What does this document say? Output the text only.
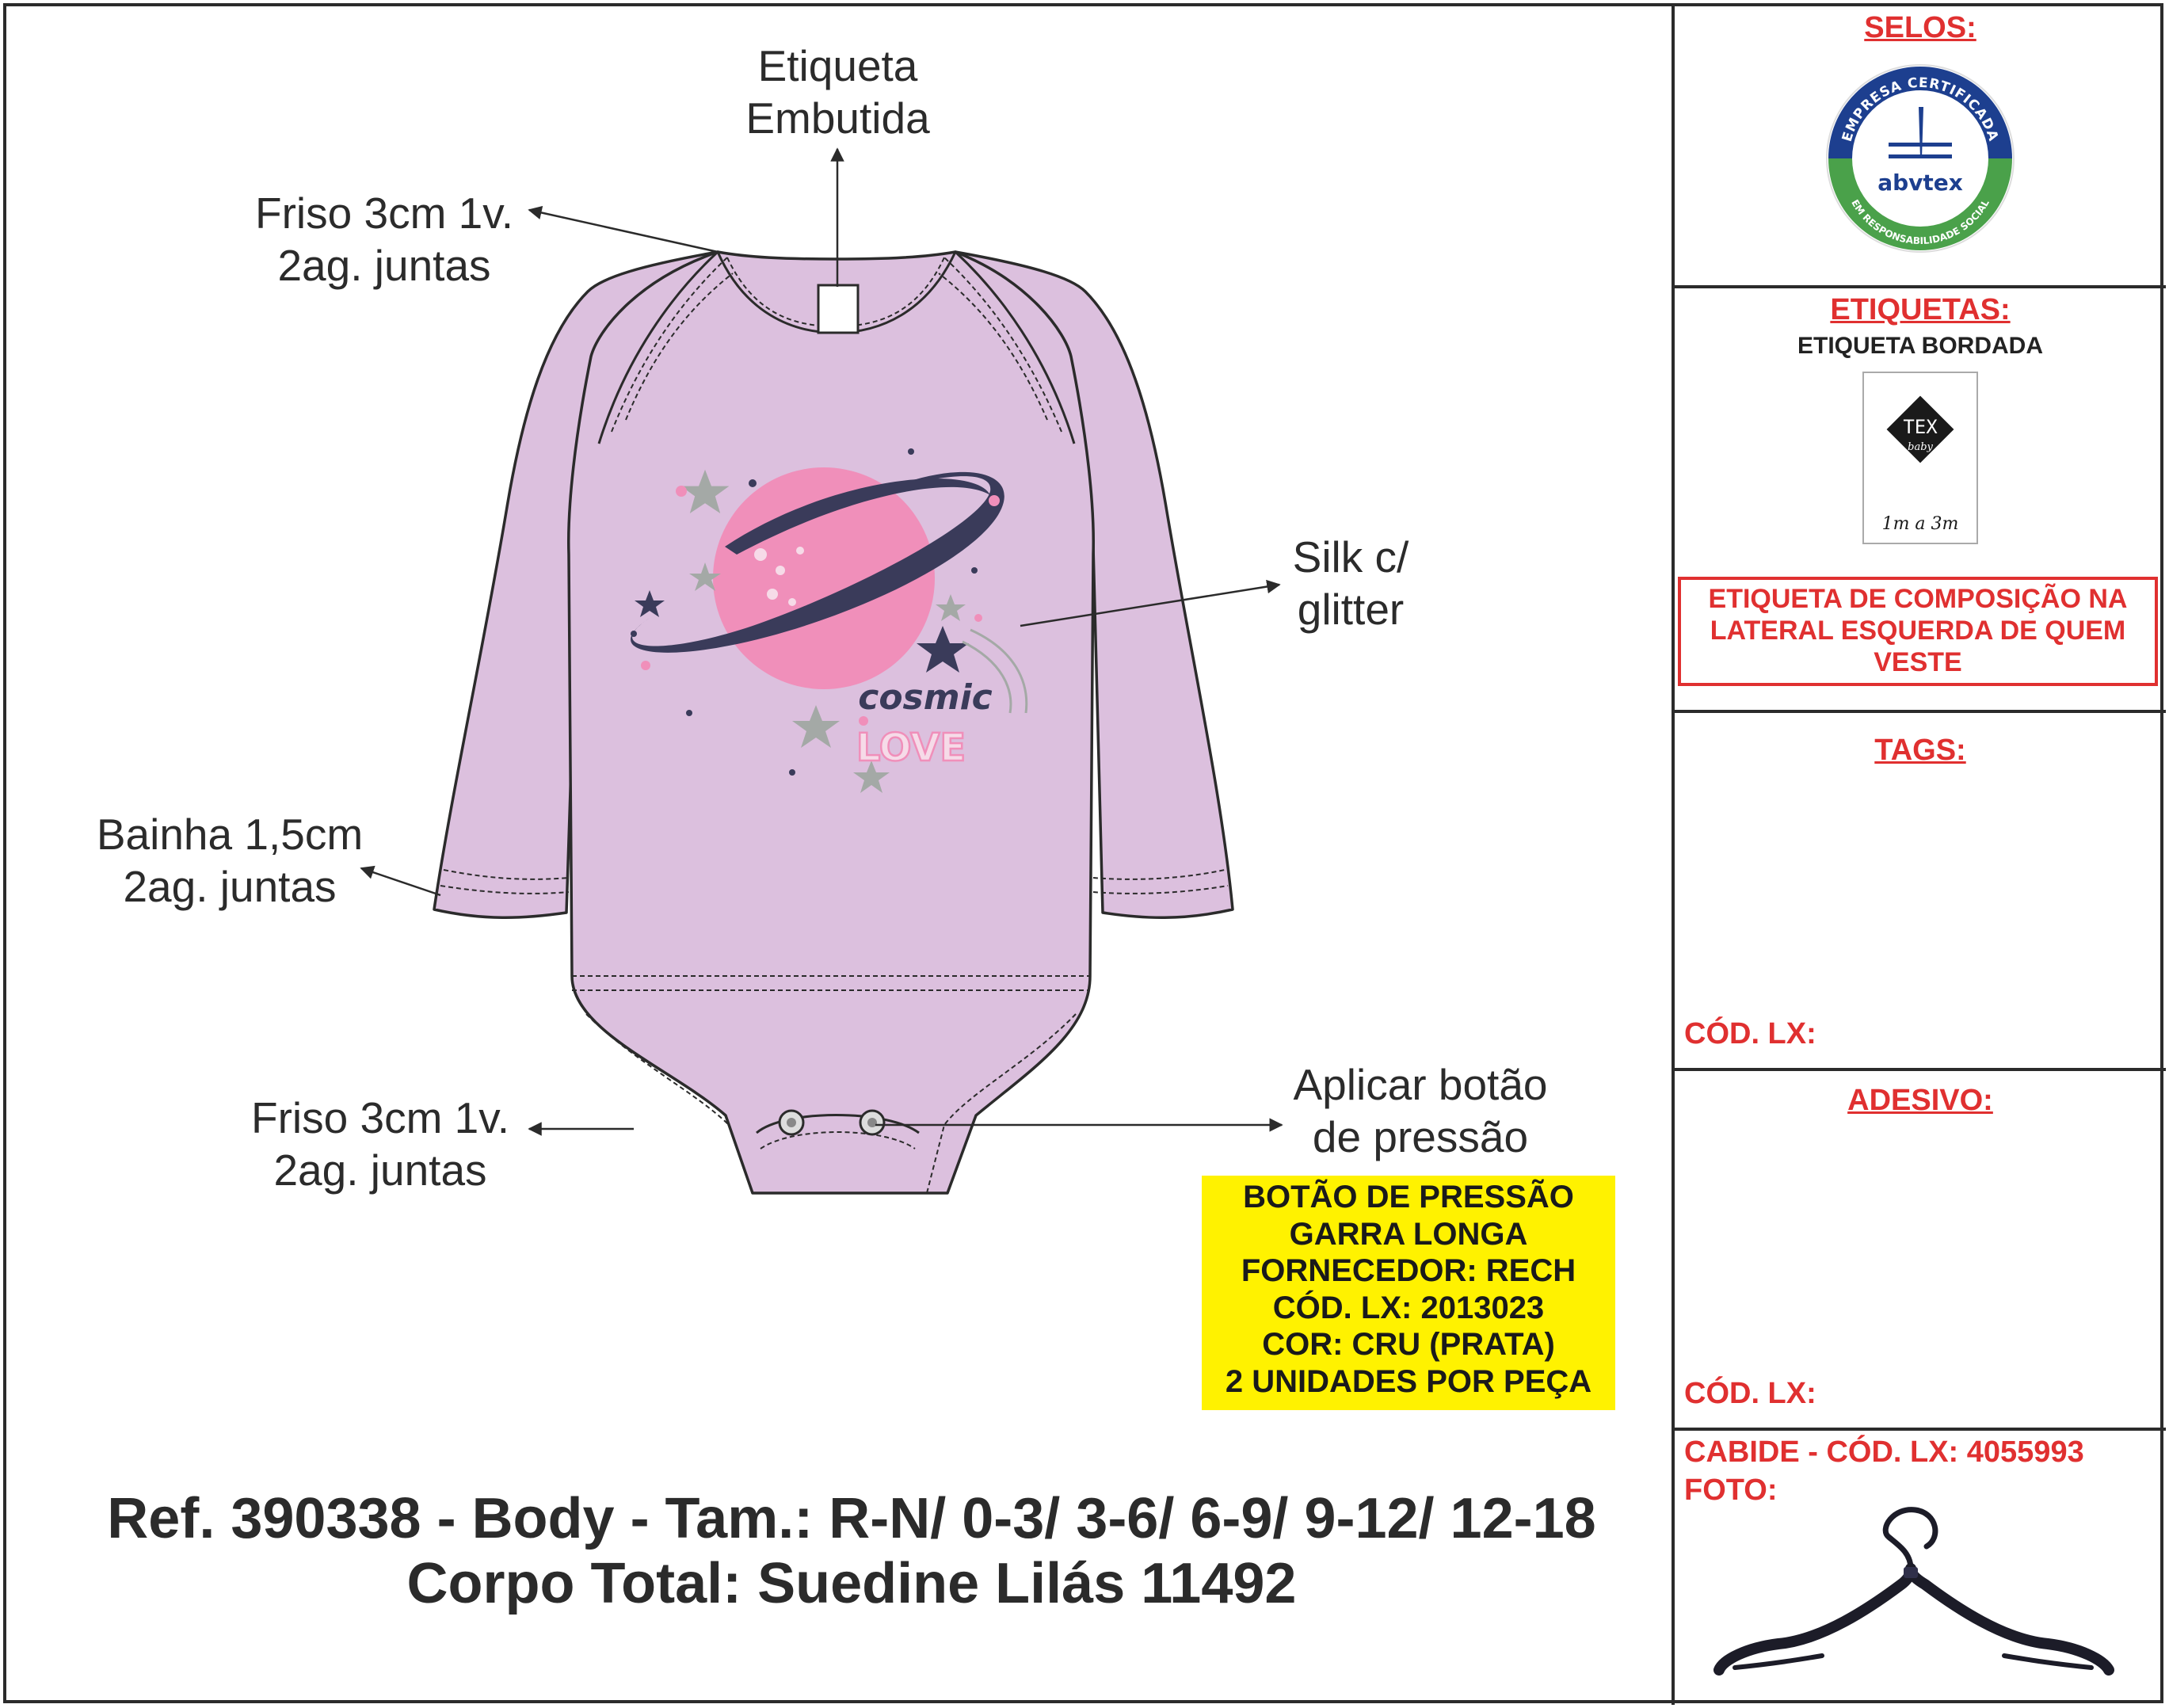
cosmic
LOVE
Etiqueta
Embutida
Friso 3cm 1v.
2ag. juntas
Silk c/
glitter
Bainha 1,5cm
2ag. juntas
Friso 3cm 1v.
2ag. juntas
Aplicar botão
de pressão
BOTÃO DE PRESSÃO
GARRA LONGA
FORNECEDOR: RECH
CÓD. LX: 2013023
COR: CRU (PRATA)
2 UNIDADES POR PEÇA
Ref. 390338 - Body - Tam.: R-N/ 0-3/ 3-6/ 6-9/ 9-12/ 12-18
Corpo Total: Suedine Lilás 11492
SELOS:
EMPRESA CERTIFICADA
EM RESPONSABILIDADE SOCIAL
abvtex
ETIQUETAS:
ETIQUETA BORDADA
TEX
baby
1m a 3m
ETIQUETA DE COMPOSIÇÃO NA
LATERAL ESQUERDA DE QUEM
VESTE
TAGS:
CÓD. LX:
ADESIVO:
CÓD. LX:
CABIDE - CÓD. LX: 4055993
FOTO:
